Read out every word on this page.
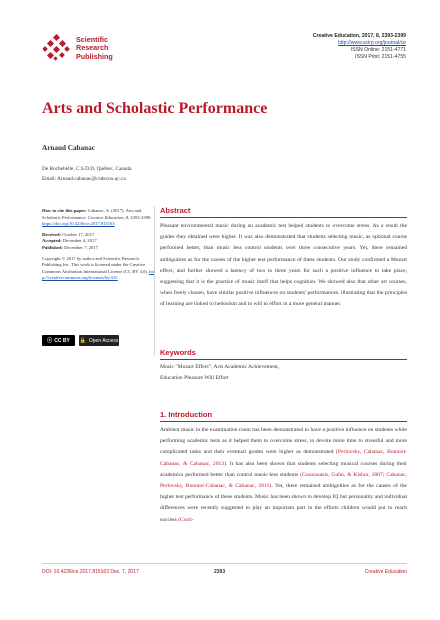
Scientific
Research
Publishing
Creative Education, 2017, 8, 2393-2399
http://www.scirp.org/journal/ce
ISSN Online: 2151-4771
ISSN Print: 2151-4755
Arts and Scholastic Performance
Arnaud Cabanac
De Rochebelle, C.S.D.D, Québec, Canada
Email: Arnaud.cabanac@csdecou.qc.ca

How to cite this paper: Cabanac, A. (2017). Arts and Scholastic Performance. Creative Education, 8, 2393-2399. https://doi.org/10.4236/ce.2017.815163

Received: October 17, 2017
Accepted: December 4, 2017
Published: December 7, 2017

Copyright © 2017 by author and Scientific Research Publishing Inc. This work is licensed under the Creative Commons Attribution International License (CC BY 4.0). http://creativecommons.org/licenses/by/4.0/

ⓒ CC BY 🔓 Open Access
Abstract
Pleasant environmental music during an academic test helped students to overcome stress. As a result the grades they obtained were higher. It was also demonstrated that students selecting music, as optional course performed better, than music less control students over three consecutive years. Yet, there remained ambiguities as for the causes of the higher test performance of these students. Our study confirmed a Mozart effect, and further showed a latency of two to three years for such a positive influence to take place, suggesting that it is the practice of music itself that helps cognition. We showed also that other art courses, when freely chosen, have similar positive influences on students' performances, illustrating that the principles of learning are linked to hedonism and to will to effort in a more general manner.
Keywords
Music "Mozart Effect", Arts Academic Achievement,
Education Pleasure Will Effort
1. Introduction
Ambient music in the examination room has been demonstrated to have a positive influence on students while performing academic tests as it helped them to overcome stress, to devote more time to stressful and more complicated tasks and their eventual grades were higher as demonstrated (Perlovsky, Cabanac, Bonniot-Cabanac, & Cabanac, 2013). It has also been shown that students selecting musical courses during their academics performed better than control music-less students (Gouzouasis, Guhn, & Kishor, 2007; Cabanac, Perlovsky, Bonniot-Cabanac, & Cabanac, 2013). Yet, there remained ambiguities as for the causes of the higher test performance of these students. Music has been shown to develop IQ but personality and individual differences were recently suggested to play an important part in the efforts children would put to reach success (Corri-
DOI: 10.4236/ce.2017.815163 Dec. 7, 2017	2393	Creative Education
